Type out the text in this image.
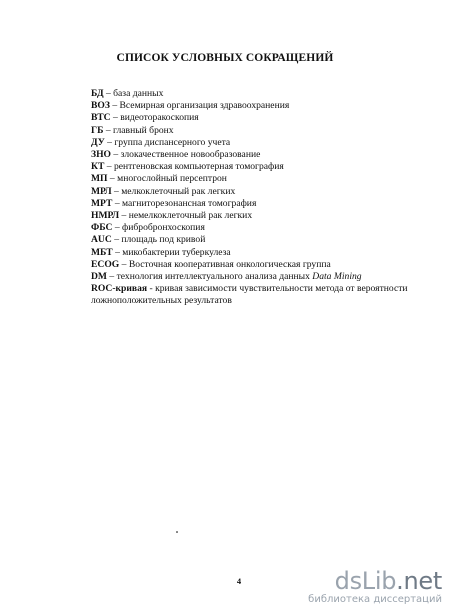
СПИСОК УСЛОВНЫХ СОКРАЩЕНИЙ
БД – база данных
ВОЗ – Всемирная организация здравоохранения
ВТС – видеоторакоскопия
ГБ – главный бронх
ДУ – группа диспансерного учета
ЗНО – злокачественное новообразование
КТ – рентгеновская компьютерная томография
МП – многослойный персептрон
МРЛ – мелкоклеточный рак легких
МРТ – магниторезонансная томография
НМРЛ – немелкоклеточный рак легких
ФБС – фибробронхоскопия
AUC – площадь под кривой
МБТ – микобактерии туберкулеза
ECOG – Восточная кооперативная онкологическая группа
DM – технология интеллектуального анализа данных Data Mining
ROC-кривая - кривая зависимости чувствительности метода от вероятности ложноположительных результатов
4	dsLib.net
библиотека диссертаций
